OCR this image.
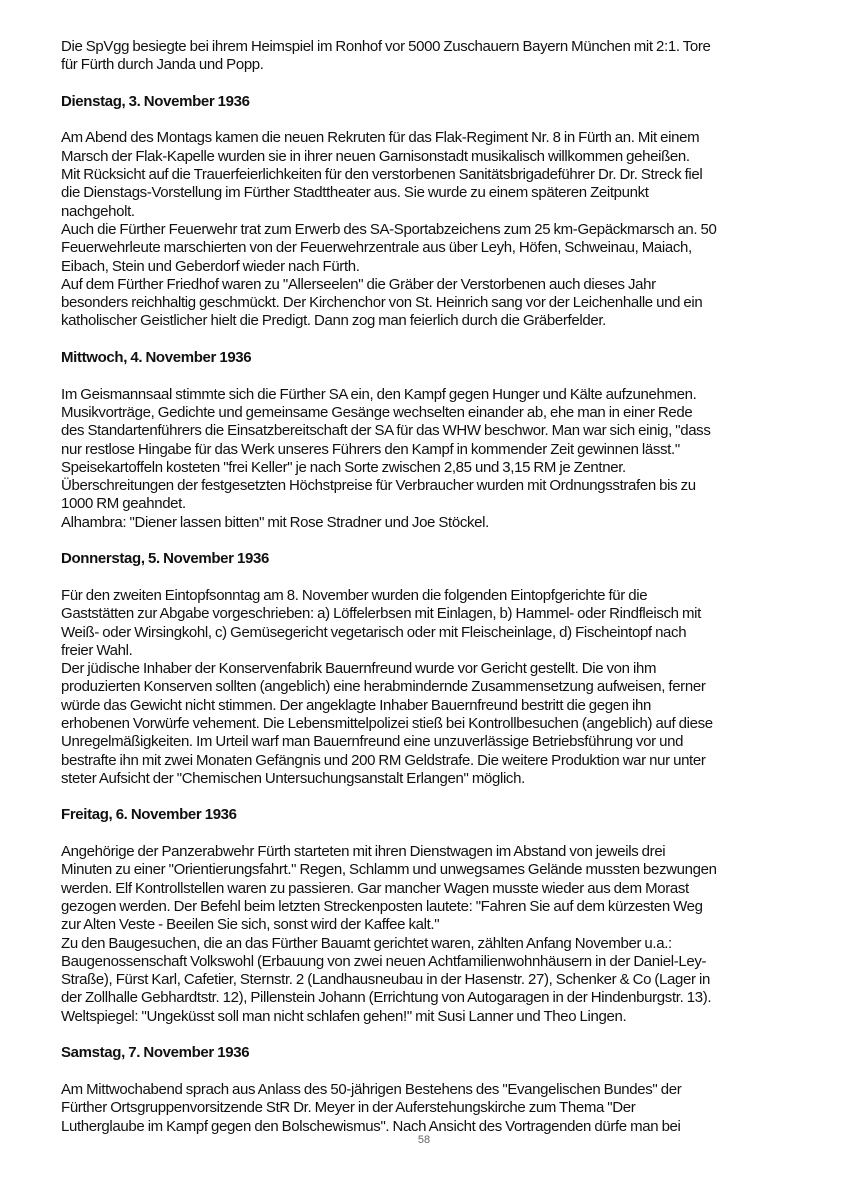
Die SpVgg besiegte bei ihrem Heimspiel im Ronhof vor 5000 Zuschauern Bayern München mit 2:1. Tore
für Fürth durch Janda und Popp.
Dienstag, 3. November 1936
Am Abend des Montags kamen die neuen Rekruten für das Flak-Regiment Nr. 8 in Fürth an. Mit einem
Marsch der Flak-Kapelle wurden sie in ihrer neuen Garnisonstadt musikalisch willkommen geheißen.
Mit Rücksicht auf die Trauerfeierlichkeiten für den verstorbenen Sanitätsbrigadeführer Dr. Dr. Streck fiel
die Dienstags-Vorstellung im Fürther Stadttheater aus. Sie wurde zu einem späteren Zeitpunkt
nachgeholt.
Auch die Fürther Feuerwehr trat zum Erwerb des SA-Sportabzeichens zum 25 km-Gepäckmarsch an. 50
Feuerwehrleute marschierten von der Feuerwehrzentrale aus über Leyh, Höfen, Schweinau, Maiach,
Eibach, Stein und Geberdorf wieder nach Fürth.
Auf dem Fürther Friedhof waren zu "Allerseelen" die Gräber der Verstorbenen auch dieses Jahr
besonders reichhaltig geschmückt. Der Kirchenchor von St. Heinrich sang vor der Leichenhalle und ein
katholischer Geistlicher hielt die Predigt. Dann zog man feierlich durch die Gräberfelder.
Mittwoch, 4. November 1936
Im Geismannsaal stimmte sich die Fürther SA ein, den Kampf gegen Hunger und Kälte aufzunehmen.
Musikvorträge, Gedichte und gemeinsame Gesänge wechselten einander ab, ehe man in einer Rede
des Standartenführers die Einsatzbereitschaft der SA für das WHW beschwor. Man war sich einig, "dass
nur restlose Hingabe für das Werk unseres Führers den Kampf in kommender Zeit gewinnen lässt."
Speisekartoffeln kosteten "frei Keller" je nach Sorte zwischen 2,85 und 3,15 RM je Zentner.
Überschreitungen der festgesetzten Höchstpreise für Verbraucher wurden mit Ordnungsstrafen bis zu
1000 RM geahndet.
Alhambra: "Diener lassen bitten" mit Rose Stradner und Joe Stöckel.
Donnerstag, 5. November 1936
Für den zweiten Eintopfsonntag am 8. November wurden die folgenden Eintopfgerichte für die
Gaststätten zur Abgabe vorgeschrieben: a) Löffelerbsen mit Einlagen, b) Hammel- oder Rindfleisch mit
Weiß- oder Wirsingkohl, c) Gemüsegericht vegetarisch oder mit Fleischeinlage, d) Fischeintopf nach
freier Wahl.
Der jüdische Inhaber der Konservenfabrik Bauernfreund wurde vor Gericht gestellt. Die von ihm
produzierten Konserven sollten (angeblich) eine herabmindernde Zusammensetzung aufweisen, ferner
würde das Gewicht nicht stimmen. Der angeklagte Inhaber Bauernfreund bestritt die gegen ihn
erhobenen Vorwürfe vehement. Die Lebensmittelpolizei stieß bei Kontrollbesuchen (angeblich) auf diese
Unregelmäßigkeiten. Im Urteil warf man Bauernfreund eine unzuverlässige Betriebsführung vor und
bestrafte ihn mit zwei Monaten Gefängnis und 200 RM Geldstrafe. Die weitere Produktion war nur unter
steter Aufsicht der "Chemischen Untersuchungsanstalt Erlangen" möglich.
Freitag, 6. November 1936
Angehörige der Panzerabwehr Fürth starteten mit ihren Dienstwagen im Abstand von jeweils drei
Minuten zu einer "Orientierungsfahrt." Regen, Schlamm und unwegsames Gelände mussten bezwungen
werden. Elf Kontrollstellen waren zu passieren. Gar mancher Wagen musste wieder aus dem Morast
gezogen werden. Der Befehl beim letzten Streckenposten lautete: "Fahren Sie auf dem kürzesten Weg
zur Alten Veste - Beeilen Sie sich, sonst wird der Kaffee kalt."
Zu den Baugesuchen, die an das Fürther Bauamt gerichtet waren, zählten Anfang November u.a.:
Baugenossenschaft Volkswohl (Erbauung von zwei neuen Achtfamilienwohnhäusern in der Daniel-Ley-
Straße), Fürst Karl, Cafetier, Sternstr. 2 (Landhausneubau in der Hasenstr. 27), Schenker & Co (Lager in
der Zollhalle Gebhardtstr. 12), Pillenstein Johann (Errichtung von Autogaragen in der Hindenburgstr. 13).
Weltspiegel: "Ungeküsst soll man nicht schlafen gehen!" mit Susi Lanner und Theo Lingen.
Samstag, 7. November 1936
Am Mittwochabend sprach aus Anlass des 50-jährigen Bestehens des "Evangelischen Bundes" der
Fürther Ortsgruppenvorsitzende StR Dr. Meyer in der Auferstehungskirche zum Thema "Der
Lutherglaube im Kampf gegen den Bolschewismus". Nach Ansicht des Vortragenden dürfe man bei
58
